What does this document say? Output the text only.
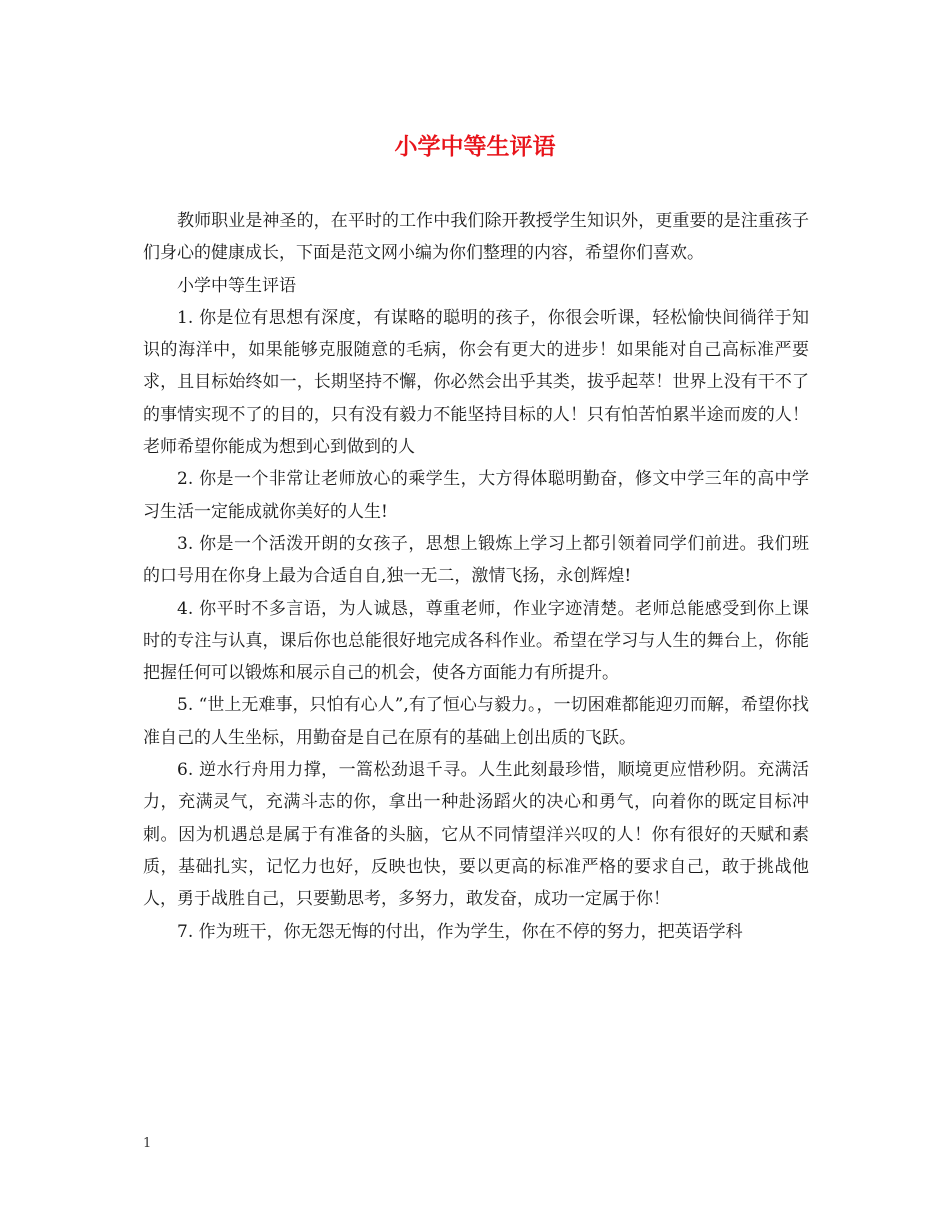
小学中等生评语

教师职业是神圣的，在平时的工作中我们除开教授学生知识外，更重要的是注重孩子们身心的健康成长，下面是范文网小编为你们整理的内容，希望你们喜欢。

小学中等生评语

1. 你是位有思想有深度，有谋略的聪明的孩子，你很会听课，轻松愉快间徜徉于知识的海洋中，如果能够克服随意的毛病，你会有更大的进步！如果能对自己高标准严要求，且目标始终如一，长期坚持不懈，你必然会出乎其类，拔乎起萃！世界上没有干不了的事情实现不了的目的，只有没有毅力不能坚持目标的人！只有怕苦怕累半途而废的人！老师希望你能成为想到心到做到的人

2. 你是一个非常让老师放心的乘学生，大方得体聪明勤奋，修文中学三年的高中学习生活一定能成就你美好的人生!

3. 你是一个活泼开朗的女孩子，思想上锻炼上学习上都引领着同学们前进。我们班的口号用在你身上最为合适自自,独一无二，激情飞扬，永创辉煌!

4. 你平时不多言语，为人诚恳，尊重老师，作业字迹清楚。老师总能感受到你上课时的专注与认真，课后你也总能很好地完成各科作业。希望在学习与人生的舞台上，你能把握任何可以锻炼和展示自己的机会，使各方面能力有所提升。

5. “世上无难事，只怕有心人”,有了恒心与毅力。，一切困难都能迎刃而解，希望你找准自己的人生坐标，用勤奋是自己在原有的基础上创出质的飞跃。

6. 逆水行舟用力撑，一篙松劲退千寻。人生此刻最珍惜，顺境更应惜秒阴。充满活力，充满灵气，充满斗志的你，拿出一种赴汤蹈火的决心和勇气，向着你的既定目标冲刺。因为机遇总是属于有准备的头脑，它从不同情望洋兴叹的人！你有很好的天赋和素质，基础扎实，记忆力也好，反映也快，要以更高的标准严格的要求自己，敢于挑战他人，勇于战胜自己，只要勤思考，多努力，敢发奋，成功一定属于你！

7. 作为班干，你无怨无悔的付出，作为学生，你在不停的努力，把英语学科

1
